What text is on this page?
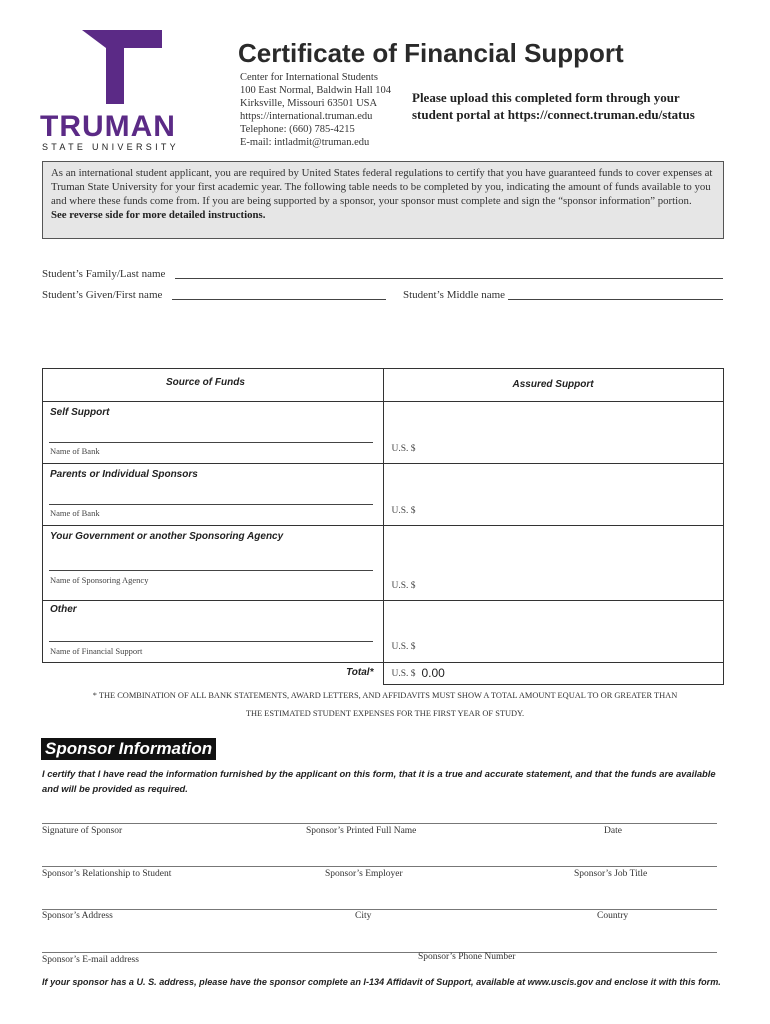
TRUMAN
STATE UNIVERSITY
Certificate of Financial Support
Center for International Students
100 East Normal, Baldwin Hall 104
Kirksville, Missouri 63501 USA
https://international.truman.edu
Telephone: (660) 785-4215
E-mail: intladmit@truman.edu
Please upload this completed form through your
student portal at https://connect.truman.edu/status
As an international student applicant, you are required by United States federal regulations to certify that you have guaranteed funds to cover expenses at Truman State University for your first academic year. The following table needs to be completed by you, indicating the amount of funds available to you and where these funds come from. If you are being supported by a sponsor, your sponsor must complete and sign the “sponsor information” portion.
See reverse side for more detailed instructions.
Student’s Family/Last name
Student’s Given/First name	Student’s Middle name
Source of Funds	Assured Support

Self Support
Name of Bank	U.S. $

Parents or Individual Sponsors
Name of Bank	U.S. $

Your Government or another Sponsoring Agency
Name of Sponsoring Agency	U.S. $

Other
Name of Financial Support	U.S. $

Total*	U.S. $ 0.00
* THE COMBINATION OF ALL BANK STATEMENTS, AWARD LETTERS, AND AFFIDAVITS MUST SHOW A TOTAL AMOUNT EQUAL TO OR GREATER THAN
THE ESTIMATED STUDENT EXPENSES FOR THE FIRST YEAR OF STUDY.
Sponsor Information
I certify that I have read the information furnished by the applicant on this form, that it is a true and accurate statement, and that the funds are available
and will be provided as required.
Signature of Sponsor	Sponsor’s Printed Full Name	Date
Sponsor’s Relationship to Student	Sponsor’s Employer	Sponsor’s Job Title
Sponsor’s Address	City	Country
Sponsor’s E-mail address	Sponsor’s Phone Number
If your sponsor has a U. S. address, please have the sponsor complete an I-134 Affidavit of Support, available at www.uscis.gov and enclose it with this form.
